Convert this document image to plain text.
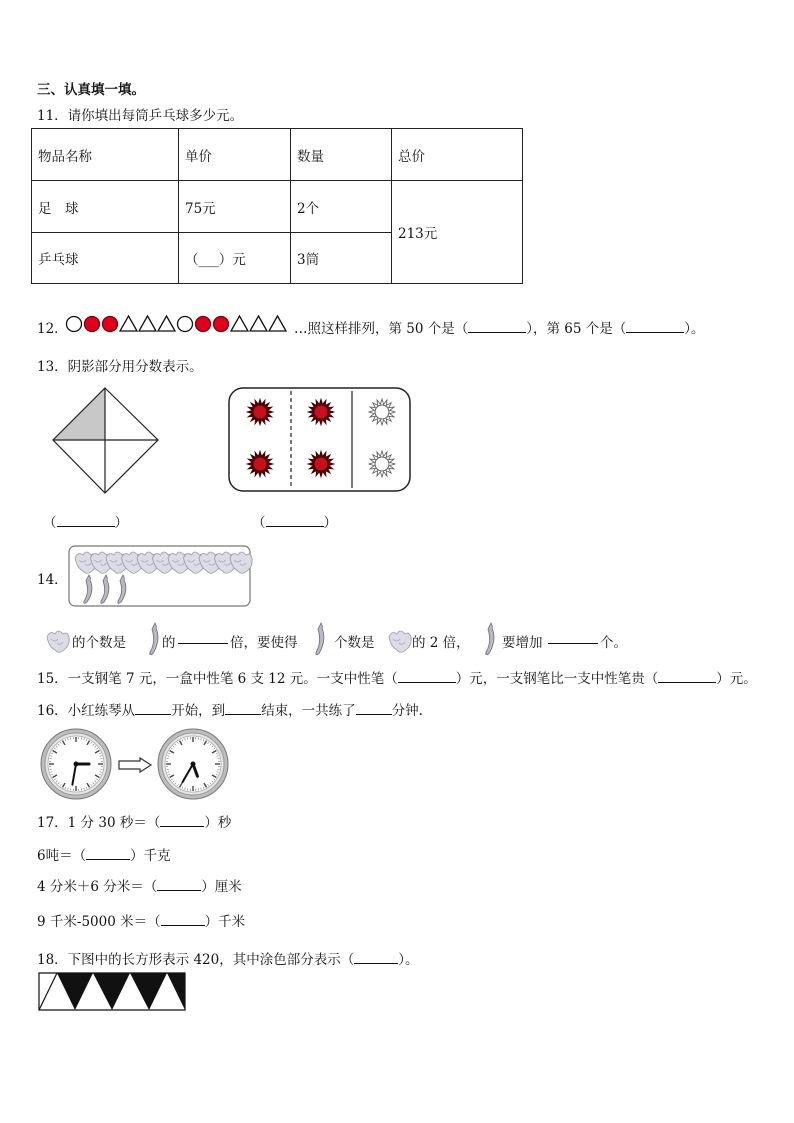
三、认真填一填。
11．请你填出每筒乒乓球多少元。
物品名称	单价	数量	总价
足　球	75元	2个	213元
乒乓球	（___）元	3筒	
12．	…照这样排列，第 50 个是（	），第 65 个是（	）。
13．阴影部分用分数表示。
（	）	（	）
14．
的个数是	的	倍，要使得	个数是	的 2 倍， 要增加	个。
15．一支钢笔 7 元，一盒中性笔 6 支 12 元。一支中性笔（	）元，一支钢笔比一支中性笔贵（	）元。
16．小红练琴从	开始，到	结束，一共练了	分钟.
17．1 分 30 秒＝（	）秒
6吨＝（	）千克
4 分米＋6 分米＝（	）厘米
9 千米-5000 米＝（	）千米
18．下图中的长方形表示 420，其中涂色部分表示（	）。
